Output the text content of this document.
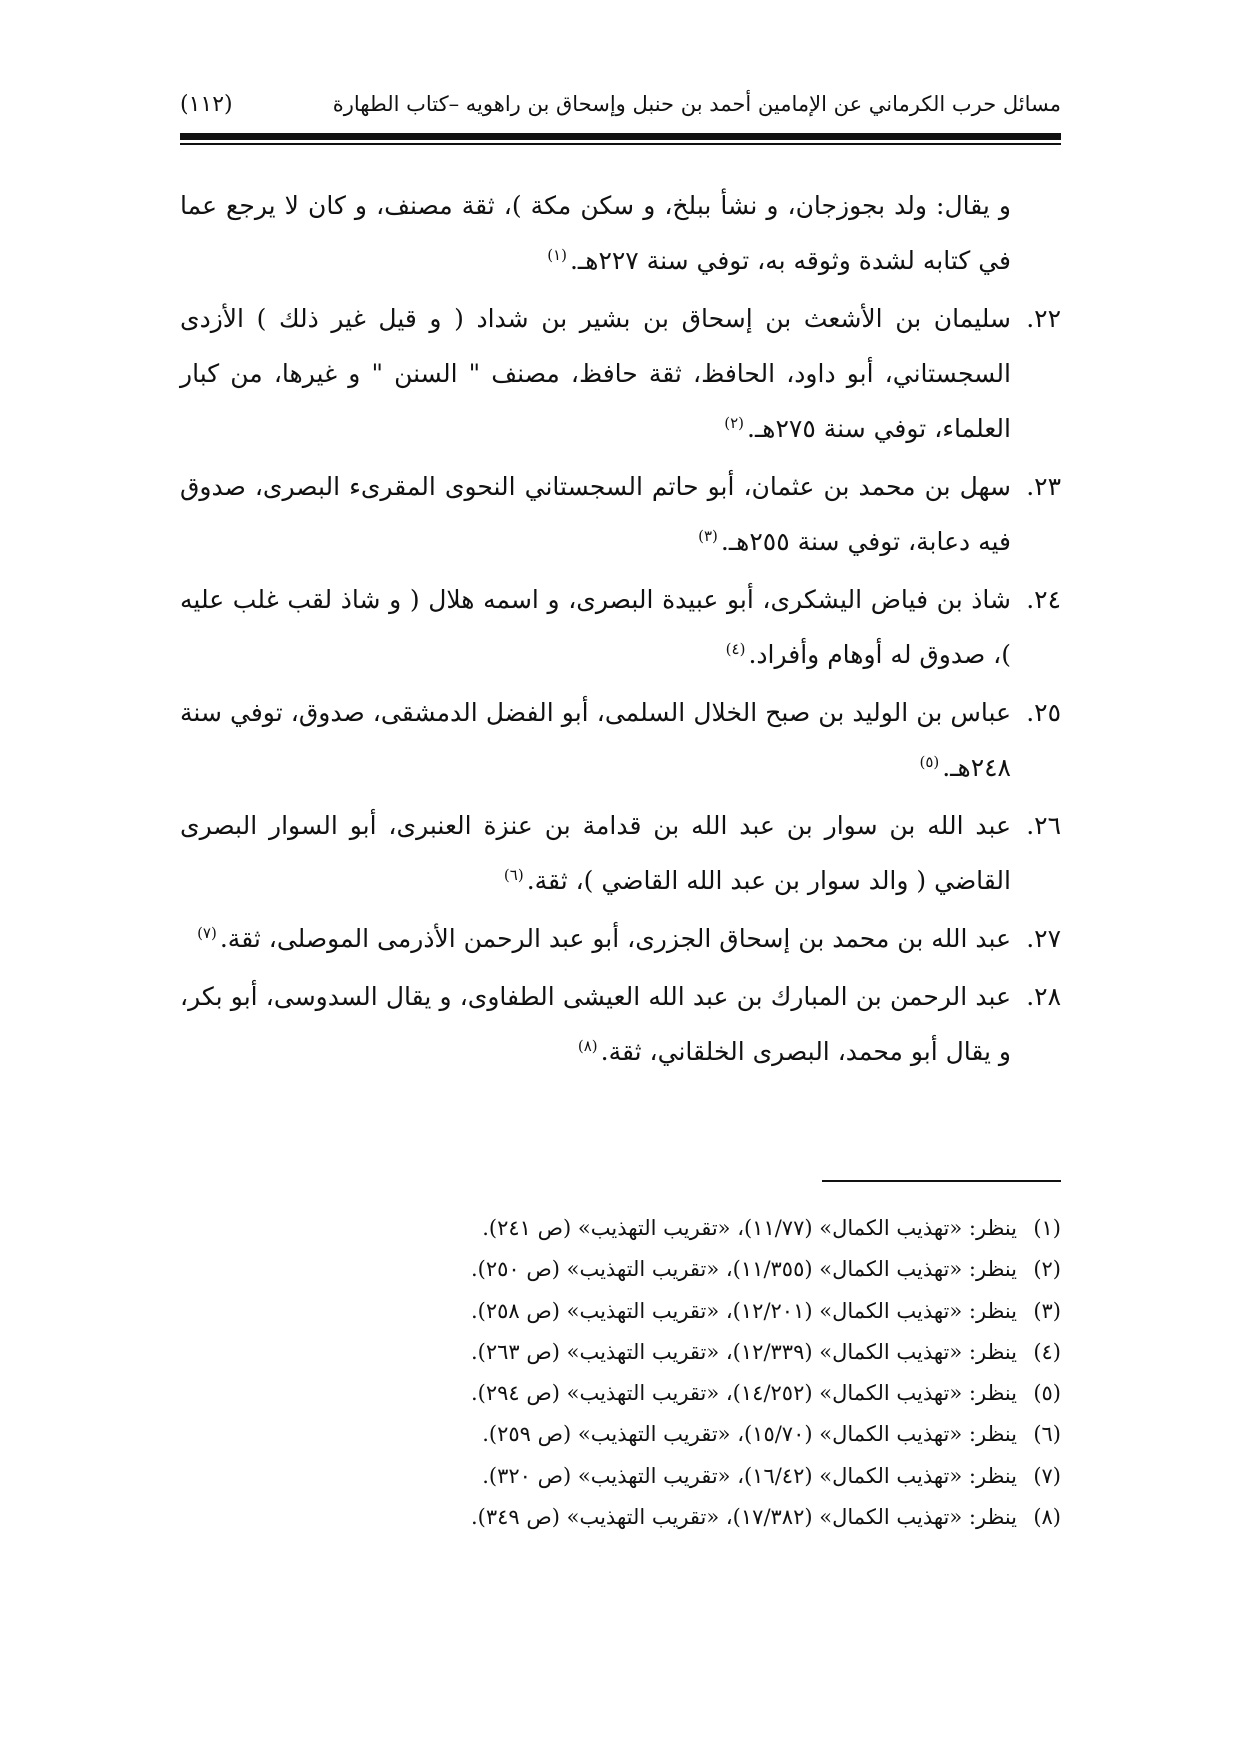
مسائل حرب الكرماني عن الإمامين أحمد بن حنبل وإسحاق بن راهويه –كتاب الطهارة
(١١٢)

و يقال: ولد بجوزجان، و نشأ ببلخ، و سكن مكة )، ثقة مصنف، و كان لا يرجع عما في كتابه لشدة وثوقه به، توفي سنة ٢٢٧هـ.$^{(١)}$

٢٢.
سليمان بن الأشعث بن إسحاق بن بشير بن شداد ( و قيل غير ذلك ) الأزدى السجستاني، أبو داود، الحافظ، ثقة حافظ، مصنف " السنن " و غيرها، من كبار العلماء، توفي سنة ٢٧٥هـ.$^{(٢)}$
٢٣.
سهل بن محمد بن عثمان، أبو حاتم السجستاني النحوى المقرىء البصرى، صدوق فيه دعابة، توفي سنة ٢٥٥هـ.$^{(٣)}$
٢٤.
شاذ بن فياض اليشكرى، أبو عبيدة البصرى، و اسمه هلال ( و شاذ لقب غلب عليه )، صدوق له أوهام وأفراد.$^{(٤)}$
٢٥.
عباس بن الوليد بن صبح الخلال السلمى، أبو الفضل الدمشقى، صدوق، توفي سنة ٢٤٨هـ.$^{(٥)}$
٢٦.
عبد الله بن سوار بن عبد الله بن قدامة بن عنزة العنبرى، أبو السوار البصرى القاضي ( والد سوار بن عبد الله القاضي )، ثقة.$^{(٦)}$
٢٧.
عبد الله بن محمد بن إسحاق الجزرى، أبو عبد الرحمن الأذرمى الموصلى، ثقة.$^{(٧)}$
٢٨.
عبد الرحمن بن المبارك بن عبد الله العيشى الطفاوى، و يقال السدوسى، أبو بكر، و يقال أبو محمد، البصرى الخلقاني، ثقة.$^{(٨)}$
(١)
ينظر: «تهذيب الكمال» (١١/٧٧)، «تقريب التهذيب» (ص ٢٤١).
(٢)
ينظر: «تهذيب الكمال» (١١/٣٥٥)، «تقريب التهذيب» (ص ٢٥٠).
(٣)
ينظر: «تهذيب الكمال» (١٢/٢٠١)، «تقريب التهذيب» (ص ٢٥٨).
(٤)
ينظر: «تهذيب الكمال» (١٢/٣٣٩)، «تقريب التهذيب» (ص ٢٦٣).
(٥)
ينظر: «تهذيب الكمال» (١٤/٢٥٢)، «تقريب التهذيب» (ص ٢٩٤).
(٦)
ينظر: «تهذيب الكمال» (١٥/٧٠)، «تقريب التهذيب» (ص ٢٥٩).
(٧)
ينظر: «تهذيب الكمال» (١٦/٤٢)، «تقريب التهذيب» (ص ٣٢٠).
(٨)
ينظر: «تهذيب الكمال» (١٧/٣٨٢)، «تقريب التهذيب» (ص ٣٤٩).
